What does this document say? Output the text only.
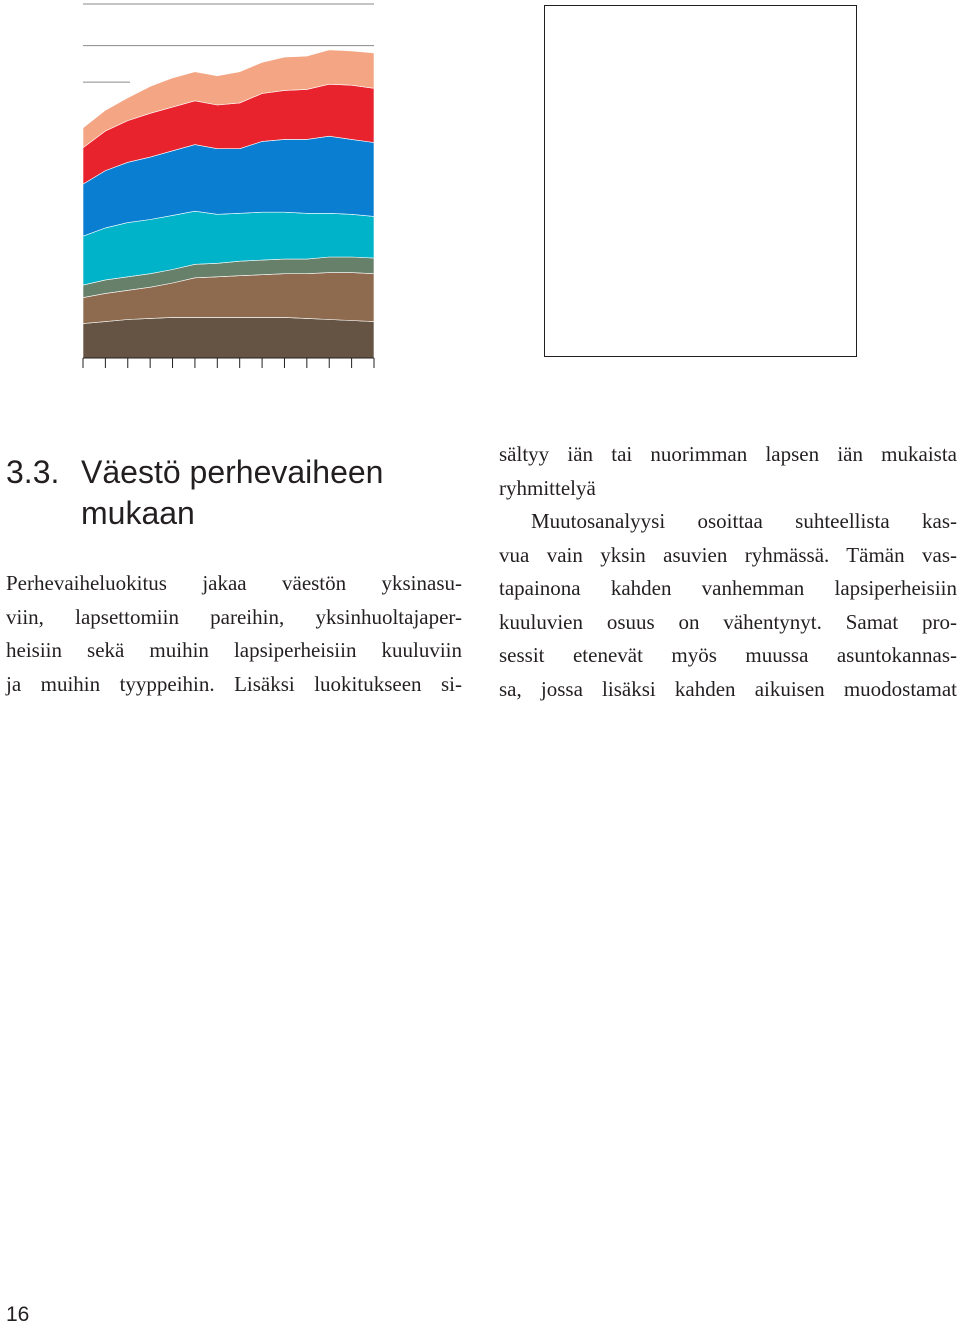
3.3. Väestö perhevaiheen
mukaan

Perhevaiheluokitus jakaa väestön yksinasu-

viin, lapsettomiin pareihin, yksinhuoltajaper-

heisiin sekä muihin lapsiperheisiin kuuluviin

ja muihin tyyppeihin. Lisäksi luokitukseen si-

sältyy iän tai nuorimman lapsen iän mukaista

ryhmittelyä

Muutosanalyysi osoittaa suhteellista kas-

vua vain yksin asuvien ryhmässä. Tämän vas-

tapainona kahden vanhemman lapsiperheisiin

kuuluvien osuus on vähentynyt. Samat pro-

sessit etenevät myös muussa asuntokannas-

sa, jossa lisäksi kahden aikuisen muodostamat

16
